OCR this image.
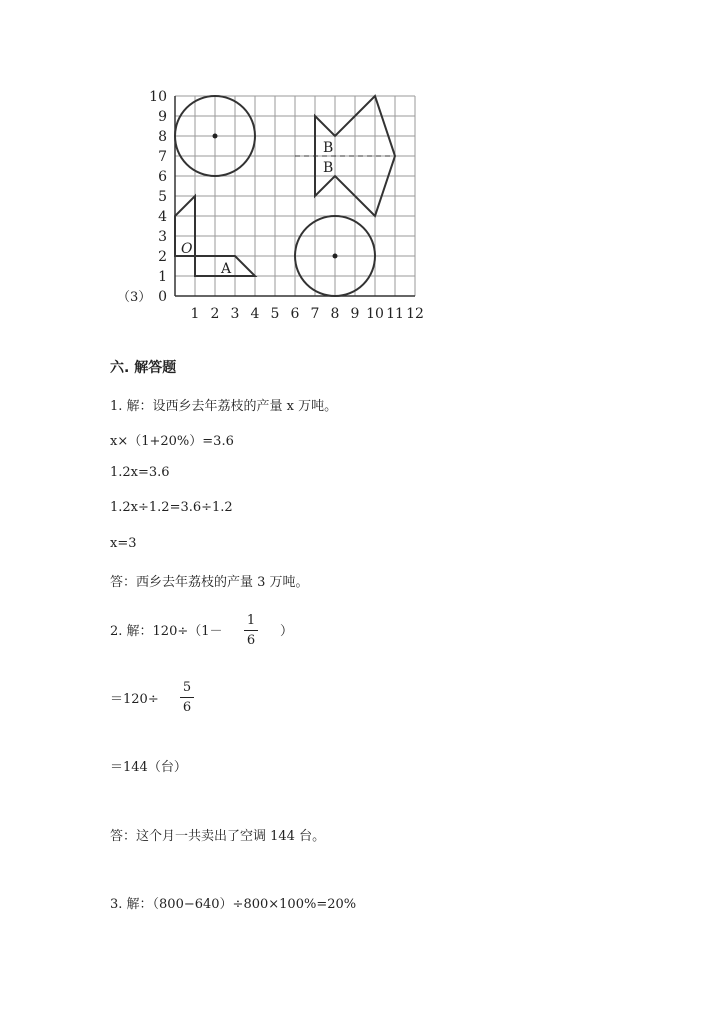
（3） 0
1
2
3
4
5
6
7
8
9
10
1 2 3 4 5 6 7 8 9 10 11 12
A
B
B
O
六. 解答题
1. 解：设西乡去年荔枝的产量 x 万吨。
x×（1+20%）=3.6
1.2x=3.6
1.2x÷1.2=3.6÷1.2
x=3
答：西乡去年荔枝的产量 3 万吨。
2. 解：120÷（1－
1
6
）
＝120÷
5
6
＝144（台）
答：这个月一共卖出了空调 144 台。
3. 解：（800−640）÷800×100%=20%
